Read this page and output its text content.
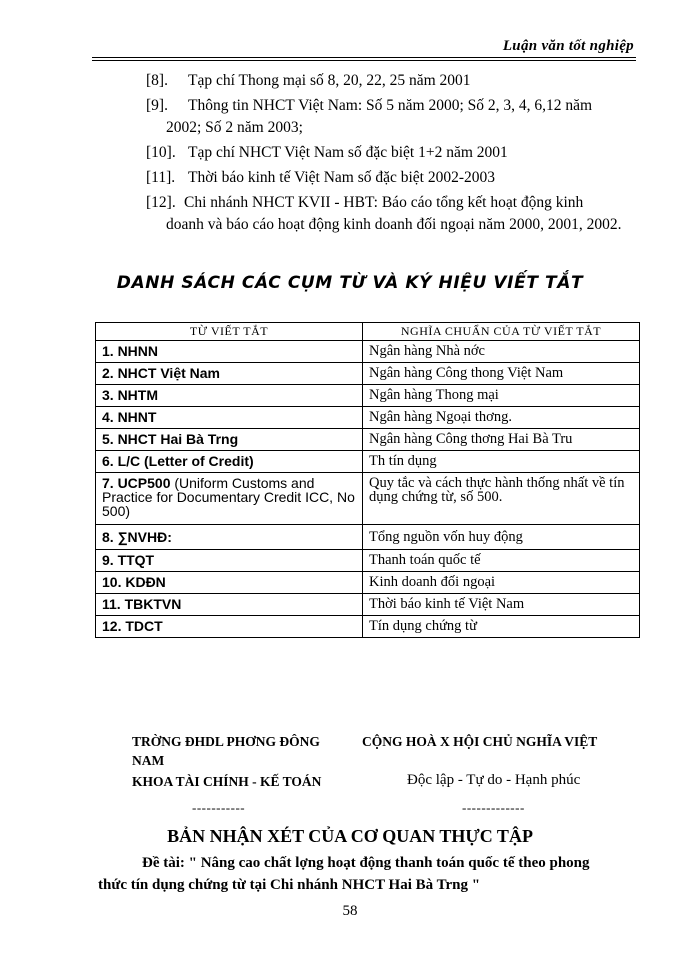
Luận văn tốt nghiệp
[8]. Tạp chí Thong mại số 8, 20, 22, 25 năm 2001
[9]. Thông tin NHCT Việt Nam: Số 5 năm 2000; Số 2, 3, 4, 6,12 năm
2002; Số 2 năm 2003;
[10]. Tạp chí NHCT Việt Nam số đặc biệt 1+2 năm 2001
[11]. Thời báo kinh tế Việt Nam số đặc biệt 2002-2003
[12]. Chi nhánh NHCT KVII - HBT: Báo cáo tổng kết hoạt động kinh

doanh và báo cáo hoạt động kinh doanh đối ngoại năm 2000, 2001, 2002.
DANH SÁCH CÁC CỤM TỪ VÀ KÝ HIỆU VIẾT TẮT
TỪ VIẾT TẮT	NGHĨA CHUẨN CỦA TỪ VIẾT TẮT
1. NHNN	Ngân hàng Nhà nớc
2. NHCT Việt Nam	Ngân hàng Công thong Việt Nam
3. NHTM	Ngân hàng Thong mại
4. NHNT	Ngân hàng Ngoại thơng.
5. NHCT Hai Bà Trng	Ngân hàng Công thơng Hai Bà Tru
6. L/C (Letter of Credit)	Th tín dụng
7. UCP500 (Uniform Customs and Practice for Documentary Credit ICC, No 500)	Quy tắc và cách thực hành thống nhất về tín dụng chứng từ, số 500.
8. ∑NVHĐ:	Tổng nguồn vốn huy động
9. TTQT	Thanh toán quốc tế
10. KDĐN	Kinh doanh đối ngoại
11. TBKTVN	Thời báo kinh tế Việt Nam
12. TDCT	Tín dụng chứng từ
TRỜNG ĐHDL PHƠNG ĐÔNG
NAM
CỘNG HOÀ X HỘI CHỦ NGHĨA VIỆT
KHOA TÀI CHÍNH - KẾ TOÁN	Độc lập - Tự do - Hạnh phúc
-----------	-------------
BẢN NHẬN XÉT CỦA CƠ QUAN THỰC TẬP
Đề tài: " Nâng cao chất lợng hoạt động thanh toán quốc tế theo phong thức tín dụng chứng từ tại Chi nhánh NHCT Hai Bà Trng "
58
